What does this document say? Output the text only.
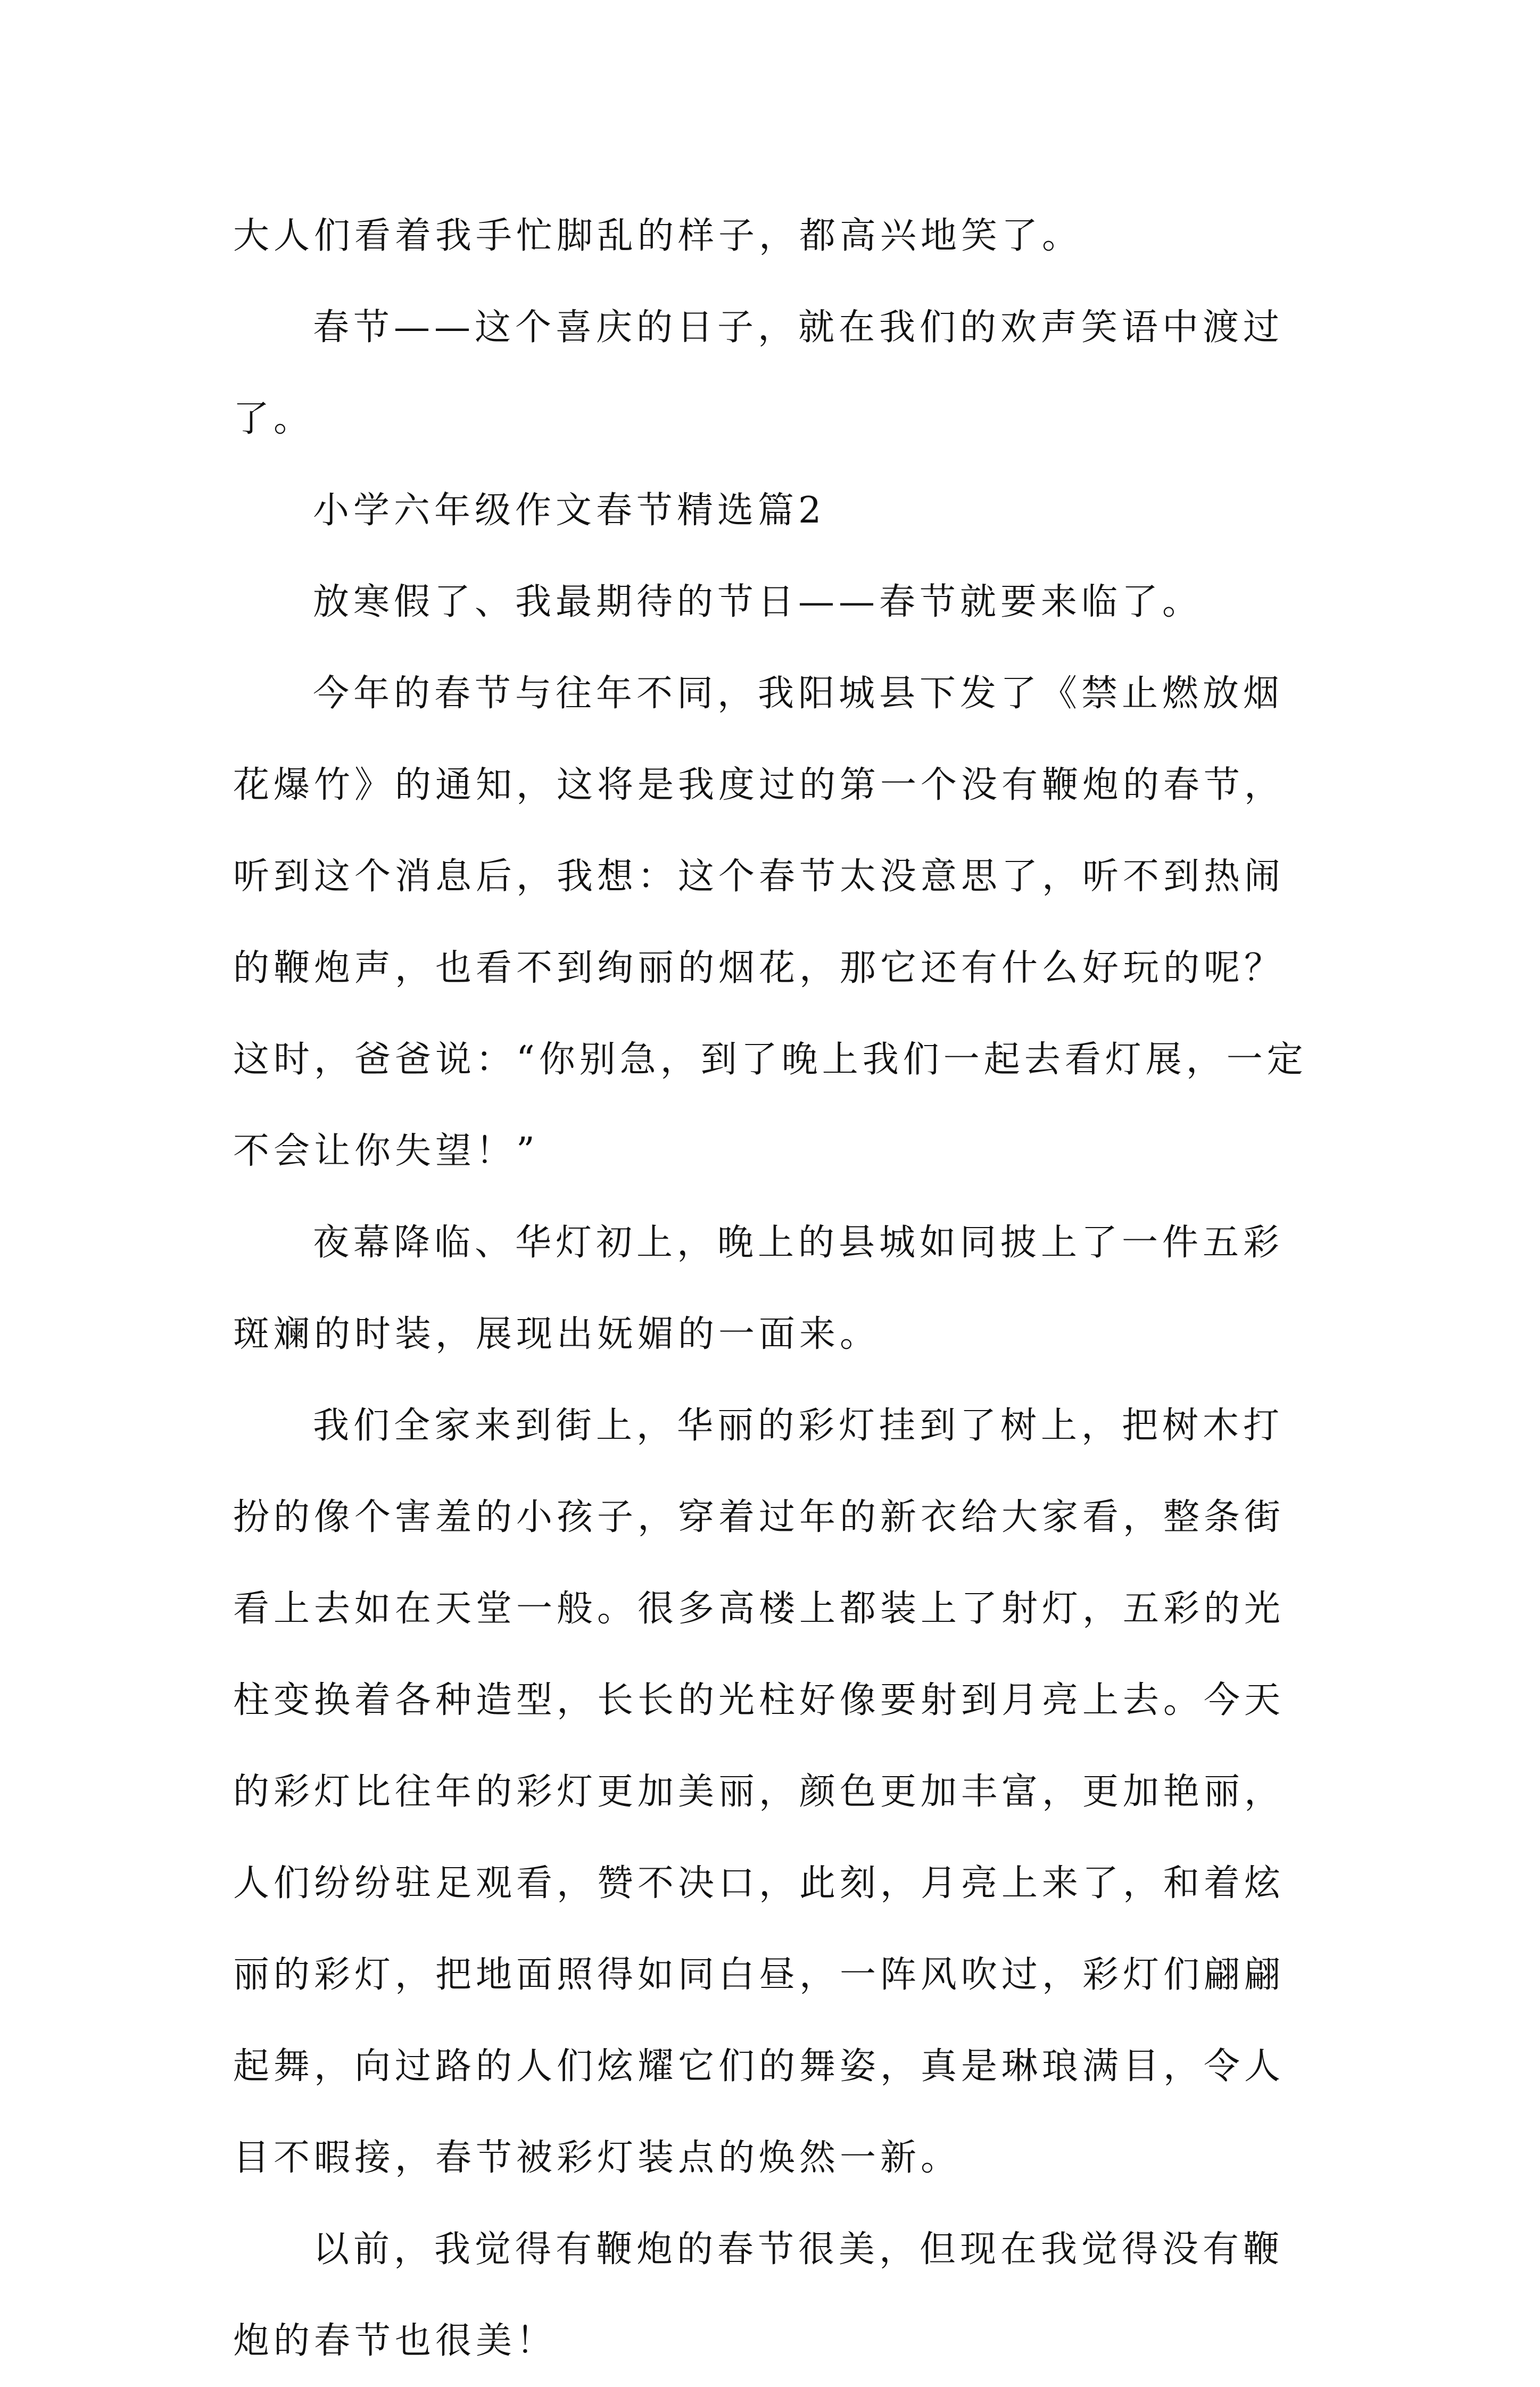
大人们看着我手忙脚乱的样子，都高兴地笑了。

春节——这个喜庆的日子，就在我们的欢声笑语中渡过了。

小学六年级作文春节精选篇2

放寒假了、我最期待的节日——春节就要来临了。

今年的春节与往年不同，我阳城县下发了《禁止燃放烟花爆竹》的通知，这将是我度过的第一个没有鞭炮的春节，听到这个消息后，我想：这个春节太没意思了，听不到热闹的鞭炮声，也看不到绚丽的烟花，那它还有什么好玩的呢？这时，爸爸说：“你别急，到了晚上我们一起去看灯展，一定不会让你失望！”

夜幕降临、华灯初上，晚上的县城如同披上了一件五彩斑斓的时装，展现出妩媚的一面来。

我们全家来到街上，华丽的彩灯挂到了树上，把树木打扮的像个害羞的小孩子，穿着过年的新衣给大家看，整条街看上去如在天堂一般。很多高楼上都装上了射灯，五彩的光柱变换着各种造型，长长的光柱好像要射到月亮上去。今天的彩灯比往年的彩灯更加美丽，颜色更加丰富，更加艳丽，人们纷纷驻足观看，赞不决口，此刻，月亮上来了，和着炫丽的彩灯，把地面照得如同白昼，一阵风吹过，彩灯们翩翩起舞，向过路的人们炫耀它们的舞姿，真是琳琅满目，令人目不暇接，春节被彩灯装点的焕然一新。

以前，我觉得有鞭炮的春节很美，但现在我觉得没有鞭炮的春节也很美！
